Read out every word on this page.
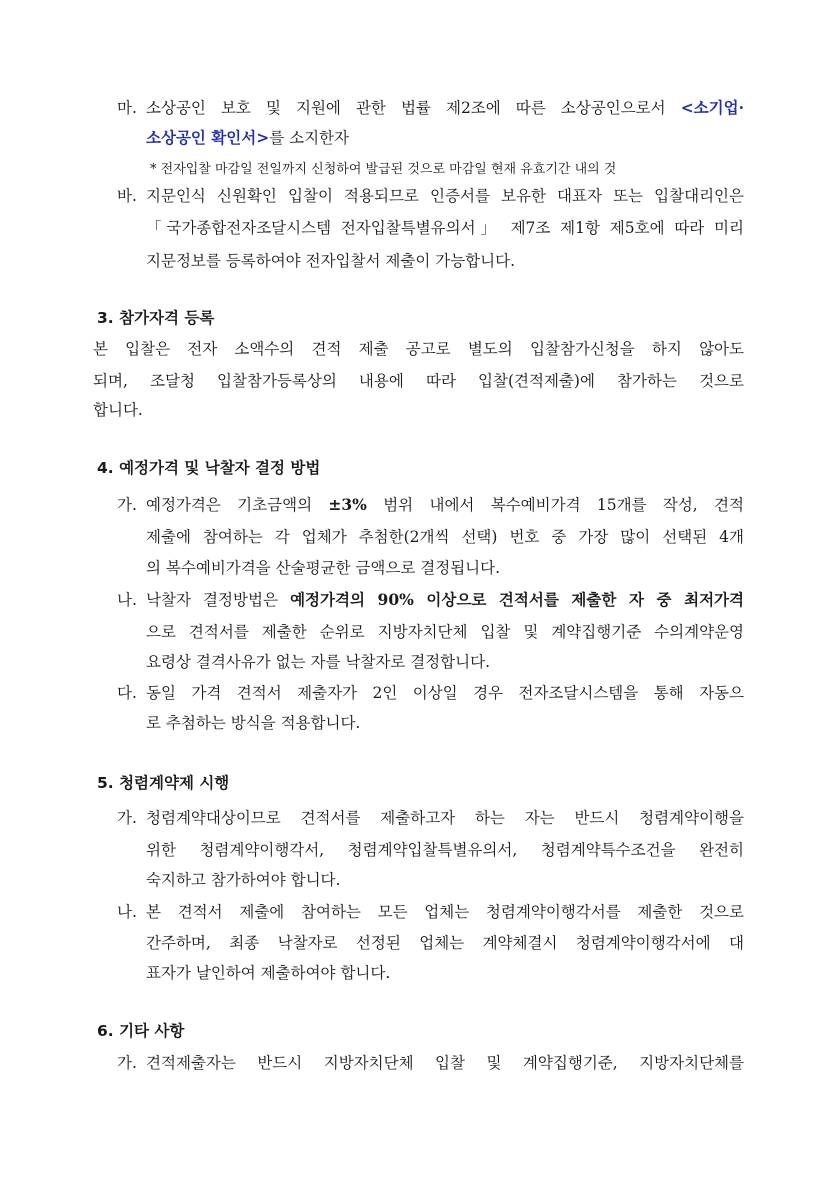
마. 소상공인 보호 및 지원에 관한 법률 제2조에 따른 소상공인으로서 <소기업·
소상공인 확인서>를 소지한자
* 전자입찰 마감일 전일까지 신청하여 발급된 것으로 마감일 현재 유효기간 내의 것
바. 지문인식 신원확인 입찰이 적용되므로 인증서를 보유한 대표자 또는 입찰대리인은
「국가종합전자조달시스템 전자입찰특별유의서」 제7조 제1항 제5호에 따라 미리
지문정보를 등록하여야 전자입찰서 제출이 가능합니다.
3. 참가자격 등록
본 입찰은 전자 소액수의 견적 제출 공고로 별도의 입찰참가신청을 하지 않아도
되며, 조달청 입찰참가등록상의 내용에 따라 입찰(견적제출)에 참가하는 것으로
합니다.
4. 예정가격 및 낙찰자 결정 방법
가. 예정가격은 기초금액의 ±3% 범위 내에서 복수예비가격 15개를 작성, 견적
제출에 참여하는 각 업체가 추첨한(2개씩 선택) 번호 중 가장 많이 선택된 4개
의 복수예비가격을 산술평균한 금액으로 결정됩니다.
나. 낙찰자 결정방법은 예정가격의 90% 이상으로 견적서를 제출한 자 중 최저가격
으로 견적서를 제출한 순위로 지방자치단체 입찰 및 계약집행기준 수의계약운영
요령상 결격사유가 없는 자를 낙찰자로 결정합니다.
다. 동일 가격 견적서 제출자가 2인 이상일 경우 전자조달시스템을 통해 자동으
로 추첨하는 방식을 적용합니다.
5. 청렴계약제 시행
가. 청렴계약대상이므로 견적서를 제출하고자 하는 자는 반드시 청렴계약이행을
위한 청렴계약이행각서, 청렴계약입찰특별유의서, 청렴계약특수조건을 완전히
숙지하고 참가하여야 합니다.
나. 본 견적서 제출에 참여하는 모든 업체는 청렴계약이행각서를 제출한 것으로
간주하며, 최종 낙찰자로 선정된 업체는 계약체결시 청렴계약이행각서에 대
표자가 날인하여 제출하여야 합니다.
6. 기타 사항
가. 견적제출자는 반드시 지방자치단체 입찰 및 계약집행기준, 지방자치단체를
